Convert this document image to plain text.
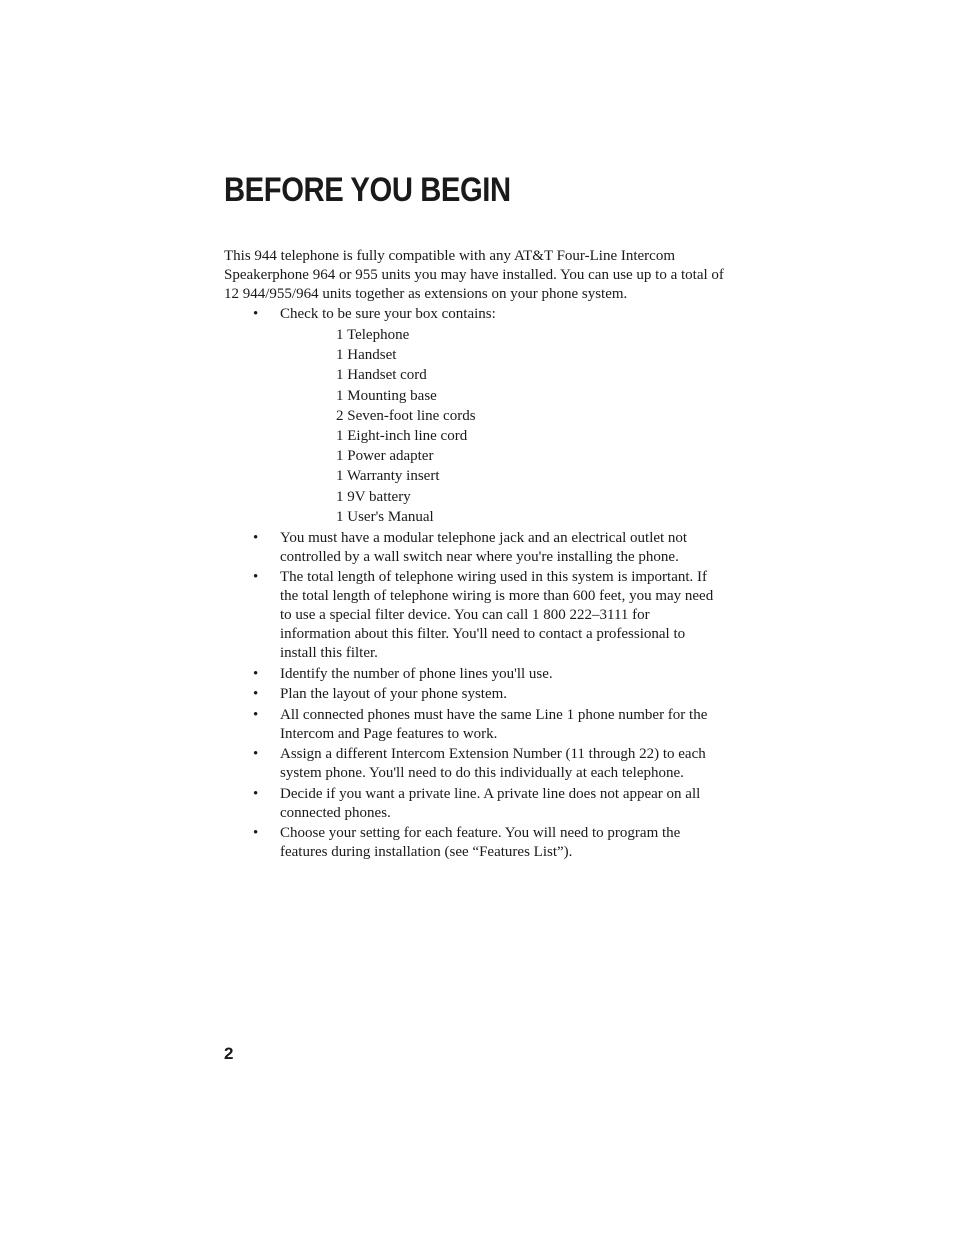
BEFORE YOU BEGIN

This 944 telephone is fully compatible with any AT&T Four-Line Intercom Speakerphone 964 or 955 units you may have installed. You can use up to a total of 12 944/955/964 units together as extensions on your phone system.

• Check to be sure your box contains:
1 Telephone
1 Handset
1 Handset cord
1 Mounting base
2 Seven-foot line cords
1 Eight-inch line cord
1 Power adapter
1 Warranty insert
1 9V battery
1 User's Manual
• You must have a modular telephone jack and an electrical outlet not controlled by a wall switch near where you're installing the phone.
• The total length of telephone wiring used in this system is important. If the total length of telephone wiring is more than 600 feet, you may need to use a special filter device. You can call 1 800 222–3111 for information about this filter. You'll need to contact a professional to install this filter.
• Identify the number of phone lines you'll use.
• Plan the layout of your phone system.
• All connected phones must have the same Line 1 phone number for the Intercom and Page features to work.
• Assign a different Intercom Extension Number (11 through 22) to each system phone. You'll need to do this individually at each telephone.
• Decide if you want a private line. A private line does not appear on all connected phones.
• Choose your setting for each feature. You will need to program the features during installation (see “Features List”).
2
